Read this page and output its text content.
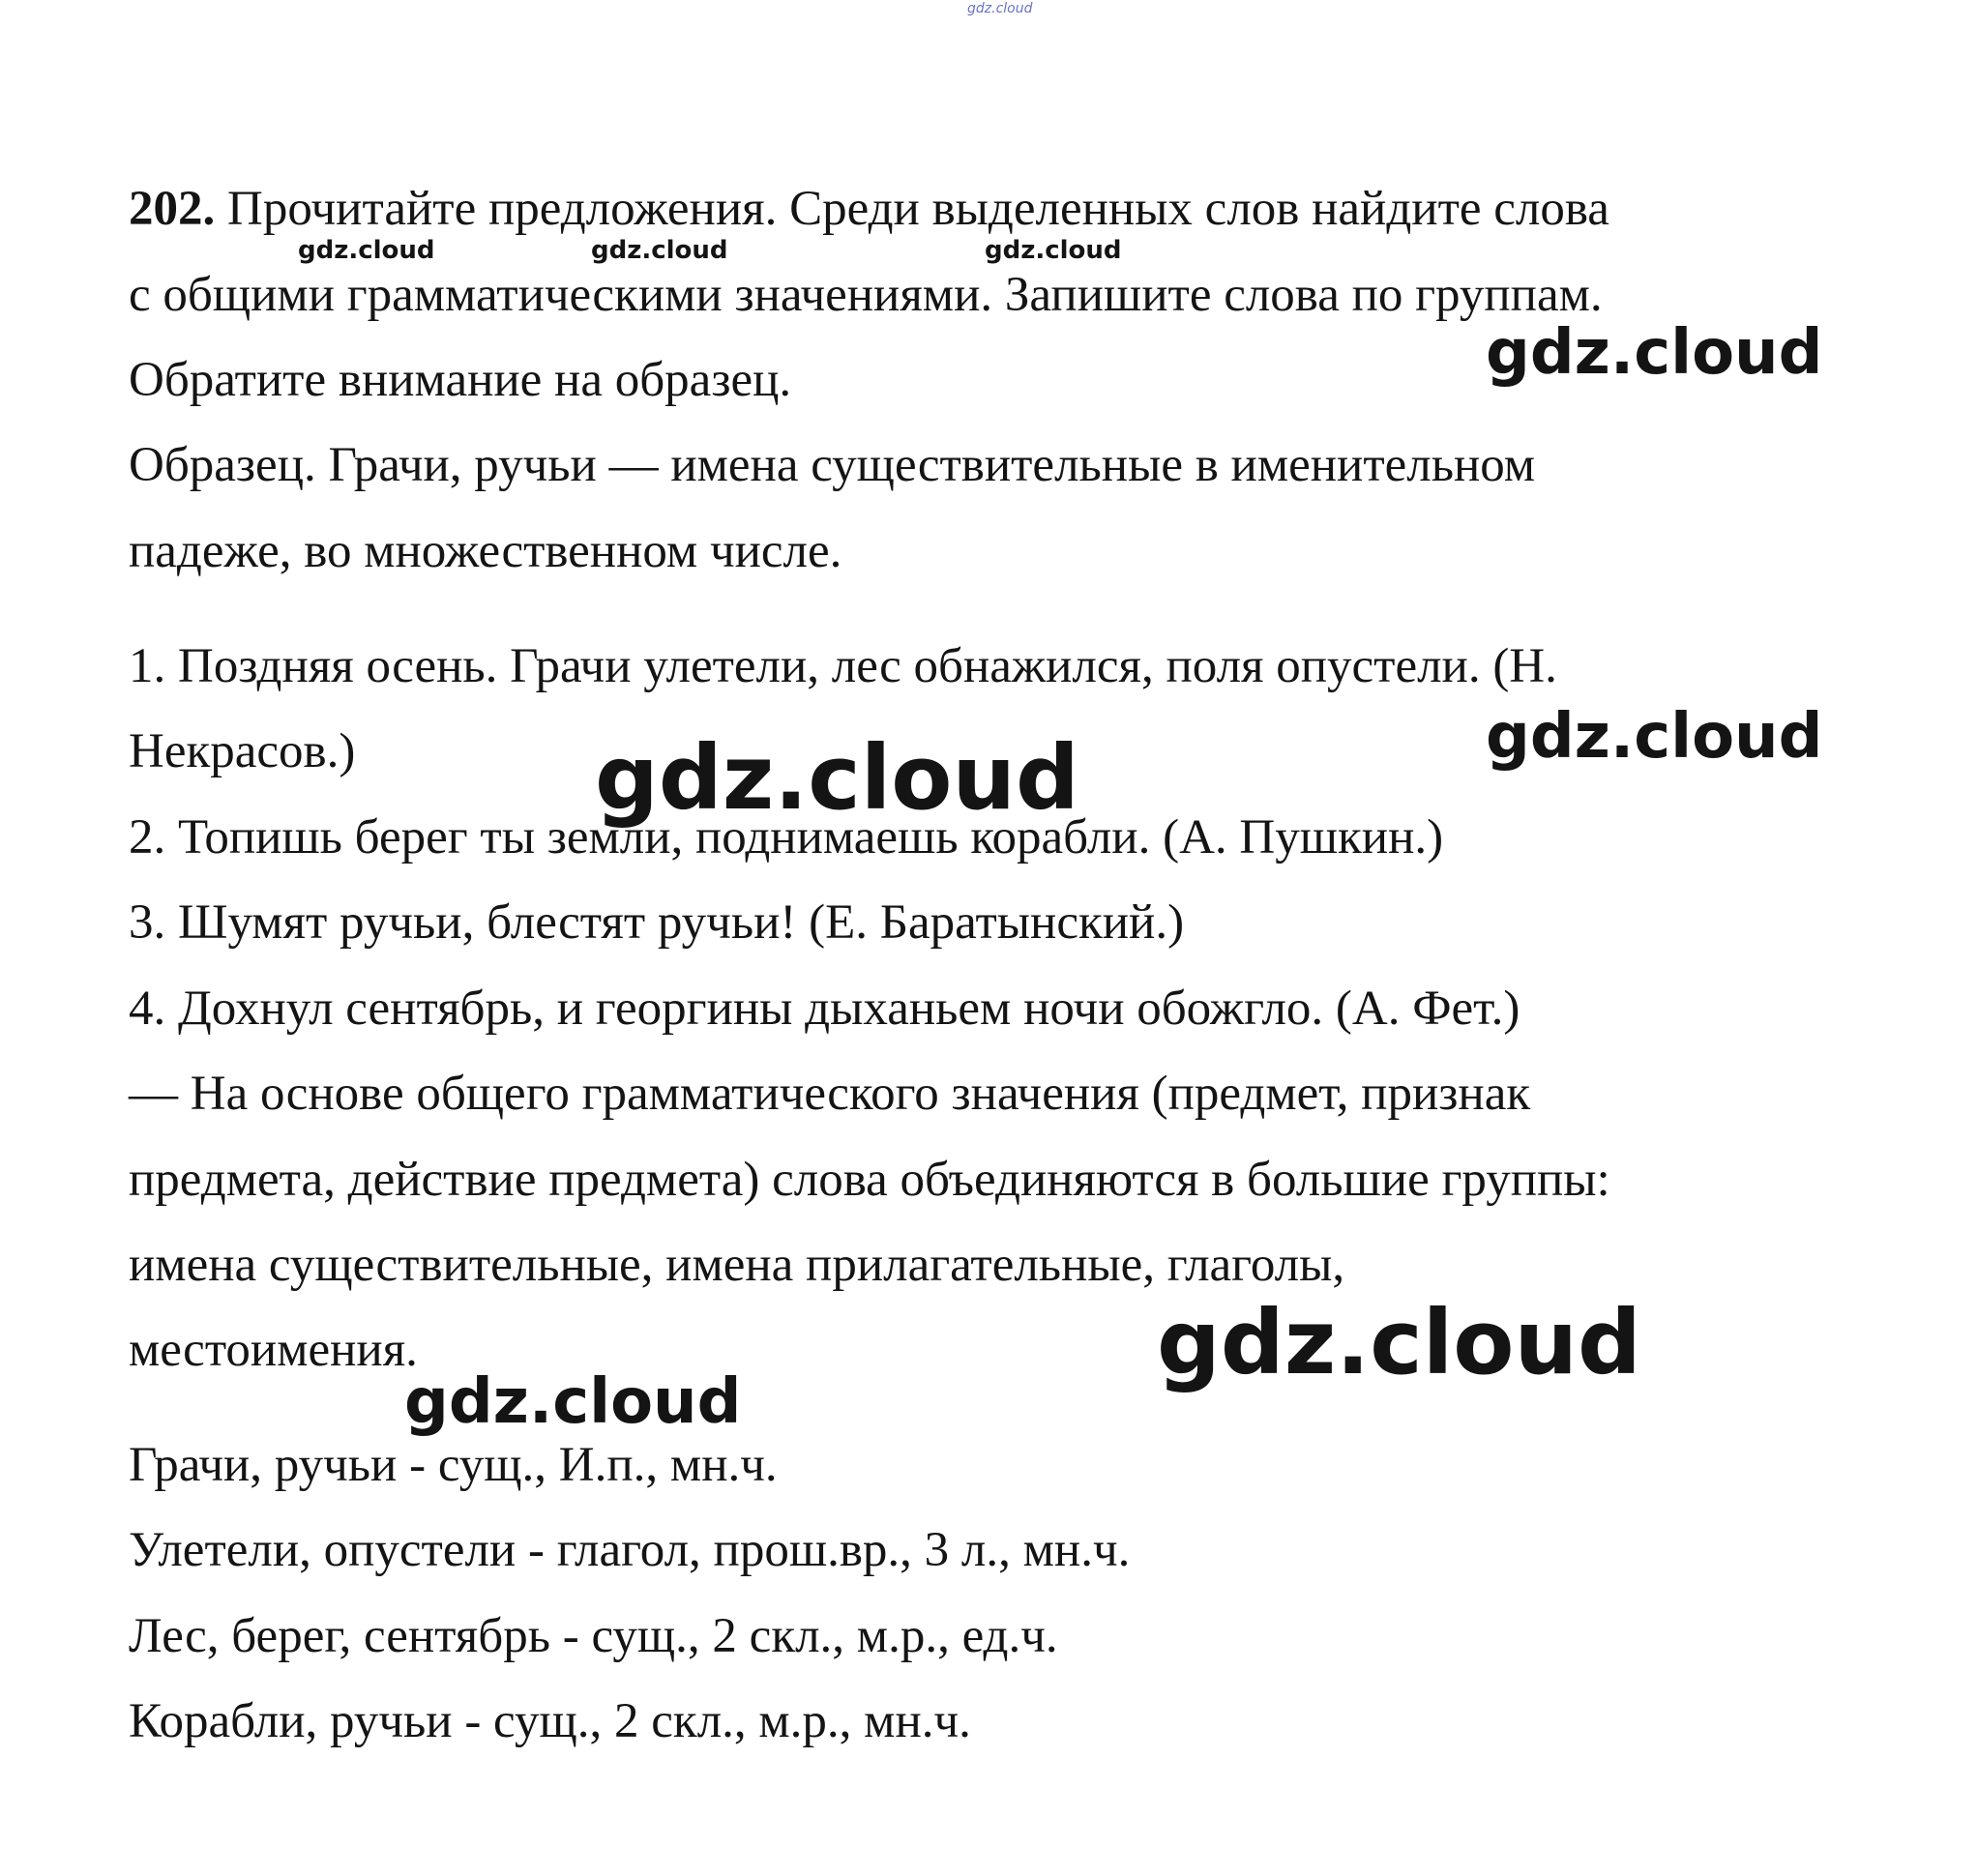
gdz.cloud

202. Прочитайте предложения. Среди выделенных слов найдите слова

с общими грамматическими значениями. Запишите слова по группам.

Обратите внимание на образец.

Образец. Грачи, ручьи — имена существительные в именительном

падеже, во множественном числе.

1. Поздняя осень. Грачи улетели, лес обнажился, поля опустели. (Н.

Некрасов.)

2. Топишь берег ты земли, поднимаешь корабли. (А. Пушкин.)

3. Шумят ручьи, блестят ручьи! (Е. Баратынский.)

4. Дохнул сентябрь, и георгины дыханьем ночи обожгло. (А. Фет.)

— На основе общего грамматического значения (предмет, признак

предмета, действие предмета) слова объединяются в большие группы:

имена существительные, имена прилагательные, глаголы,

местоимения.

Грачи, ручьи - сущ., И.п., мн.ч.

Улетели, опустели - глагол, прош.вр., 3 л., мн.ч.

Лес, берег, сентябрь - сущ., 2 скл., м.р., ед.ч.

Корабли, ручьи - сущ., 2 скл., м.р., мн.ч.

gdz.cloud	gdz.cloud	gdz.cloud
gdz.cloud
gdz.cloud
gdz.cloud
gdz.cloud
gdz.cloud
